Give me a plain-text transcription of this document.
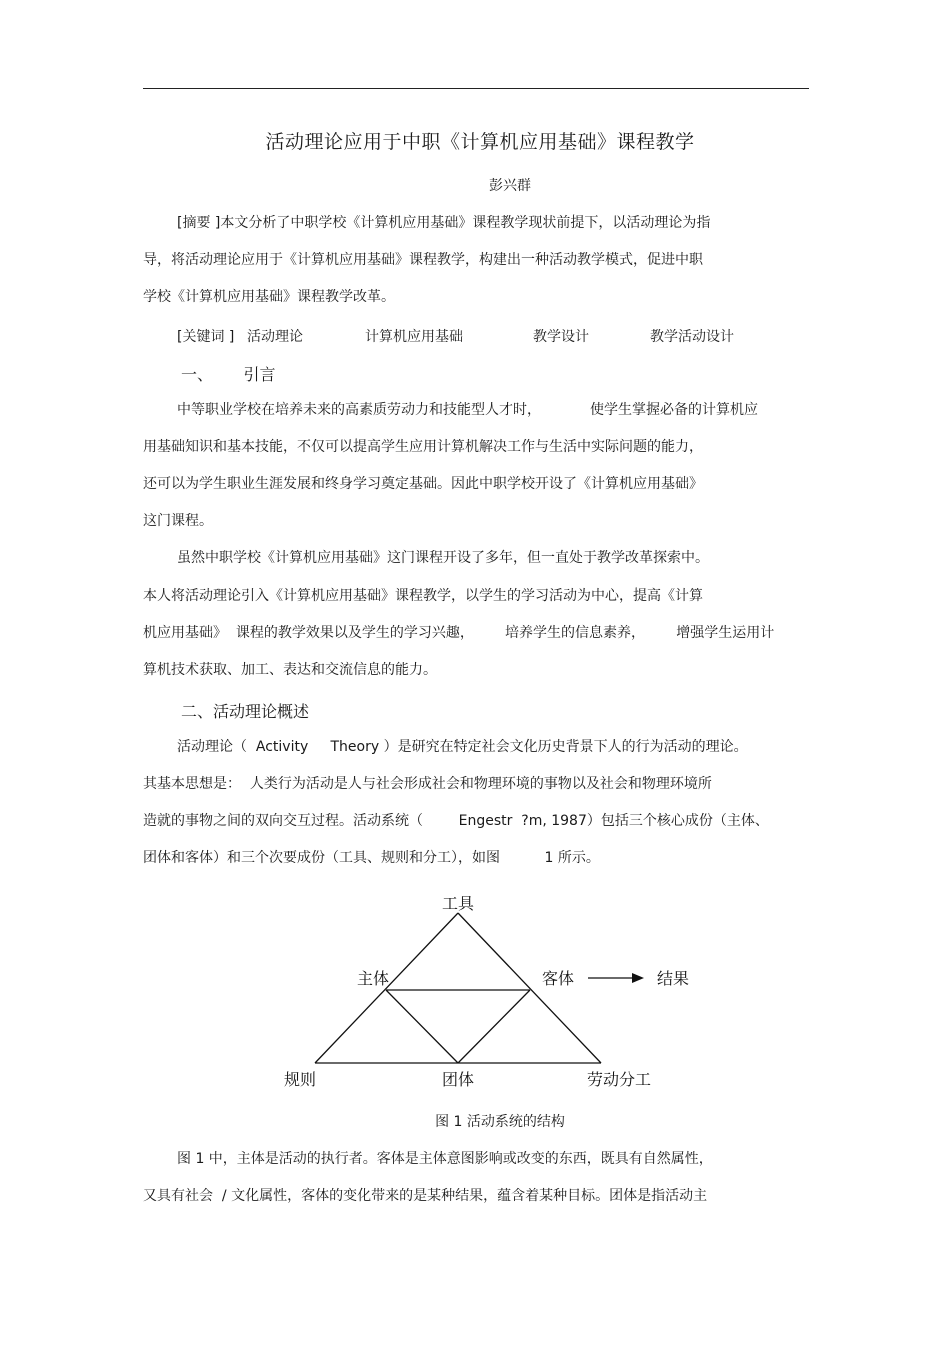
活动理论应用于中职《计算机应用基础》课程教学
彭兴群
[摘要 ]本文分析了中职学校《计算机应用基础》课程教学现状前提下，以活动理论为指
导，将活动理论应用于《计算机应用基础》课程教学，构建出一种活动教学模式，促进中职
学校《计算机应用基础》课程教学改革。
[关键词 ] 活动理论	计算机应用基础	教学设计	教学活动设计
一、      引言
中等职业学校在培养未来的高素质劳动力和技能型人才时，           使学生掌握必备的计算机应
用基础知识和基本技能，不仅可以提高学生应用计算机解决工作与生活中实际问题的能力，
还可以为学生职业生涯发展和终身学习奠定基础。因此中职学校开设了《计算机应用基础》
这门课程。
虽然中职学校《计算机应用基础》这门课程开设了多年，但一直处于教学改革探索中。
本人将活动理论引入《计算机应用基础》课程教学，以学生的学习活动为中心，提高《计算
机应用基础》  课程的教学效果以及学生的学习兴趣，       培养学生的信息素养，       增强学生运用计
算机技术获取、加工、表达和交流信息的能力。
二、活动理论概述
活动理论（  Activity     Theory ）是研究在特定社会文化历史背景下人的行为活动的理论。
其基本思想是：  人类行为活动是人与社会形成社会和物理环境的事物以及社会和物理环境所
造就的事物之间的双向交互过程。活动系统（        Engestr  ?m, 1987）包括三个核心成份（主体、
团体和客体）和三个次要成份（工具、规则和分工），如图          1 所示。
工具
主体	客体	结果
规则	团体	劳动分工
图 1 活动系统的结构
图 1 中，主体是活动的执行者。客体是主体意图影响或改变的东西，既具有自然属性，
又具有社会  / 文化属性，客体的变化带来的是某种结果，蕴含着某种目标。团体是指活动主
